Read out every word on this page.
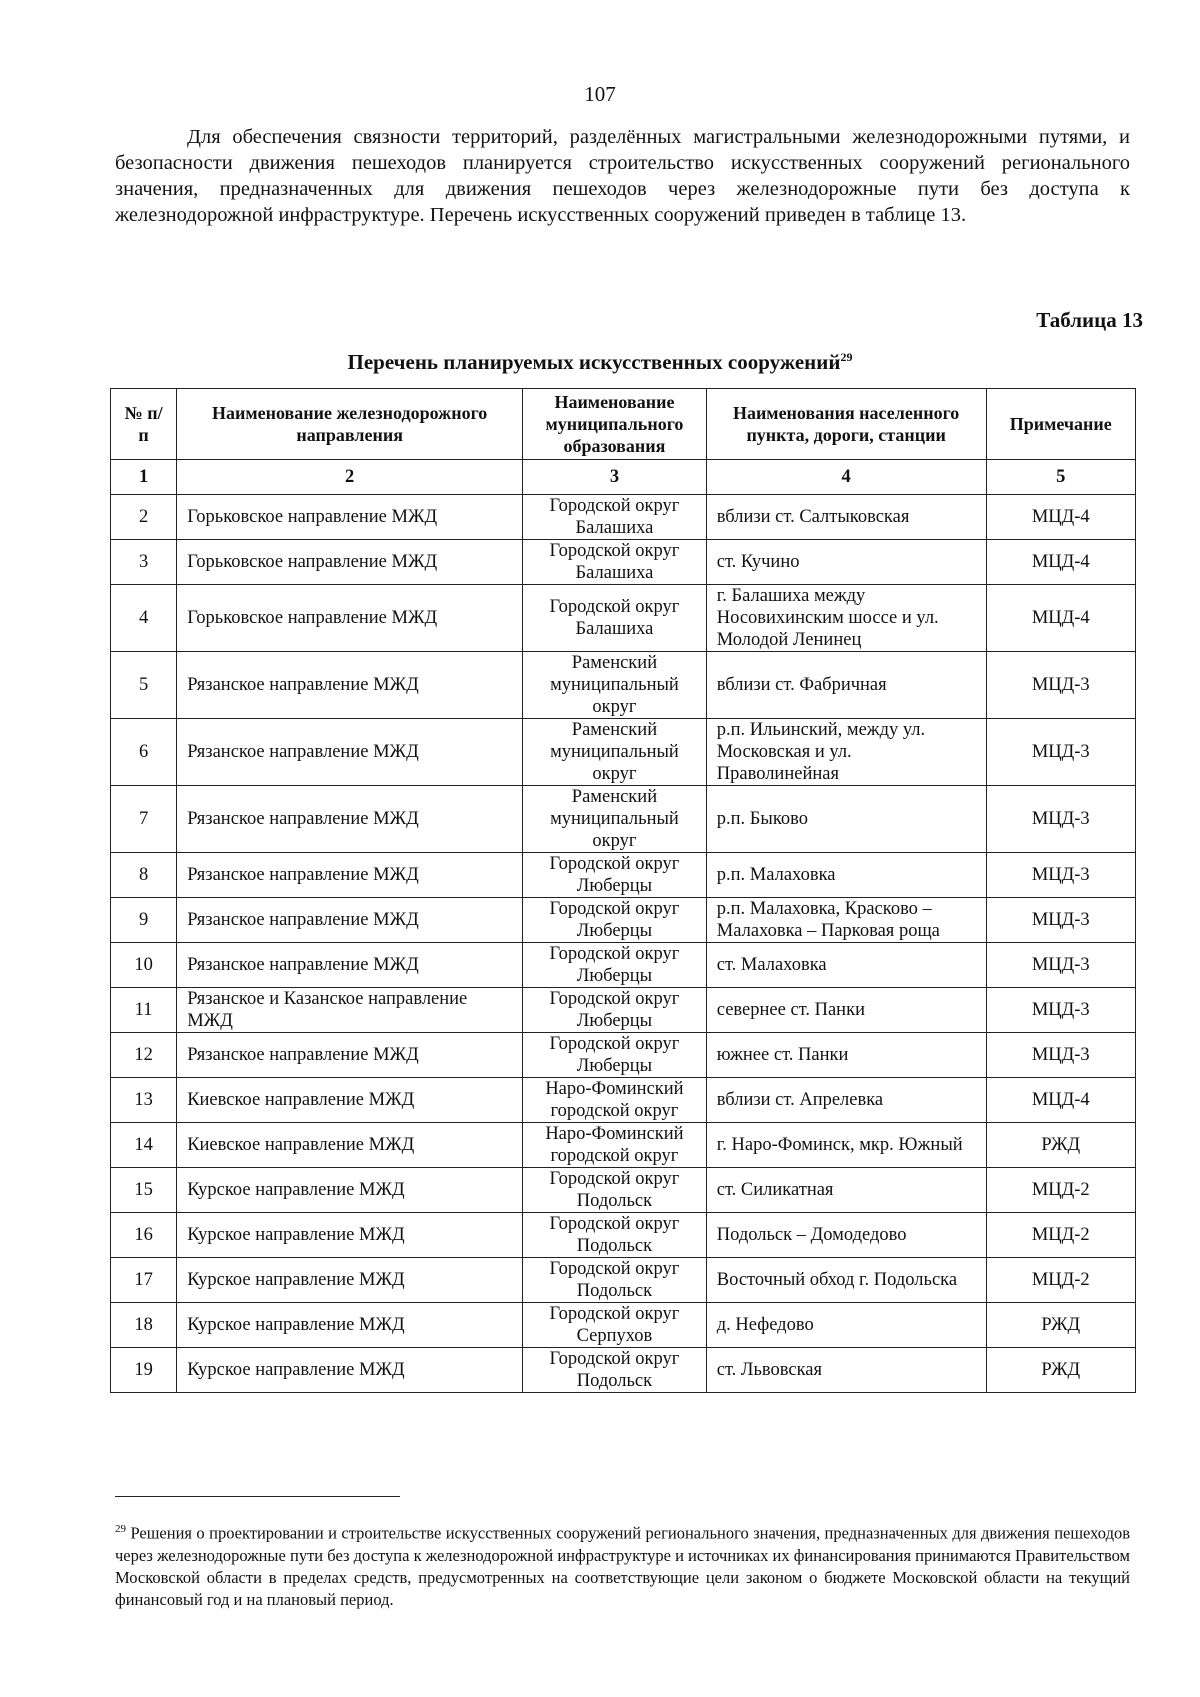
107

Для обеспечения связности территорий, разделённых магистральными железнодорожными путями, и безопасности движения пешеходов планируется строительство искусственных сооружений регионального значения, предназначенных для движения пешеходов через железнодорожные пути без доступа к железнодорожной инфраструктуре. Перечень искусственных сооружений приведен в таблице 13.

Таблица 13
Перечень планируемых искусственных сооружений$^{29}$
№ п/п	Наименование железнодорожного направления	Наименование муниципального образования	Наименования населенного пункта, дороги, станции	Примечание
1	2	3	4	5
2	Горьковское направление МЖД	Городской округ Балашиха	вблизи ст. Салтыковская	МЦД-4
3	Горьковское направление МЖД	Городской округ Балашиха	ст. Кучино	МЦД-4
4	Горьковское направление МЖД	Городской округ Балашиха	г. Балашиха между Носовихинским шоссе и ул. Молодой Ленинец	МЦД-4
5	Рязанское направление МЖД	Раменский муниципальный округ	вблизи ст. Фабричная	МЦД-3
6	Рязанское направление МЖД	Раменский муниципальный округ	р.п. Ильинский, между ул. Московская и ул. Праволинейная	МЦД-3
7	Рязанское направление МЖД	Раменский муниципальный округ	р.п. Быково	МЦД-3
8	Рязанское направление МЖД	Городской округ Люберцы	р.п. Малаховка	МЦД-3
9	Рязанское направление МЖД	Городской округ Люберцы	р.п. Малаховка, Красково – Малаховка – Парковая роща	МЦД-3
10	Рязанское направление МЖД	Городской округ Люберцы	ст. Малаховка	МЦД-3
11	Рязанское и Казанское направление МЖД	Городской округ Люберцы	севернее ст. Панки	МЦД-3
12	Рязанское направление МЖД	Городской округ Люберцы	южнее ст. Панки	МЦД-3
13	Киевское направление МЖД	Наро-Фоминский городской округ	вблизи ст. Апрелевка	МЦД-4
14	Киевское направление МЖД	Наро-Фоминский городской округ	г. Наро-Фоминск, мкр. Южный	РЖД
15	Курское направление МЖД	Городской округ Подольск	ст. Силикатная	МЦД-2
16	Курское направление МЖД	Городской округ Подольск	Подольск – Домодедово	МЦД-2
17	Курское направление МЖД	Городской округ Подольск	Восточный обход г. Подольска	МЦД-2
18	Курское направление МЖД	Городской округ Серпухов	д. Нефедово	РЖД
19	Курское направление МЖД	Городской округ Подольск	ст. Львовская	РЖД

$^{29}$ Решения о проектировании и строительстве искусственных сооружений регионального значения, предназначенных для движения пешеходов через железнодорожные пути без доступа к железнодорожной инфраструктуре и источниках их финансирования принимаются Правительством Московской области в пределах средств, предусмотренных на соответствующие цели законом о бюджете Московской области на текущий финансовый год и на плановый период.
